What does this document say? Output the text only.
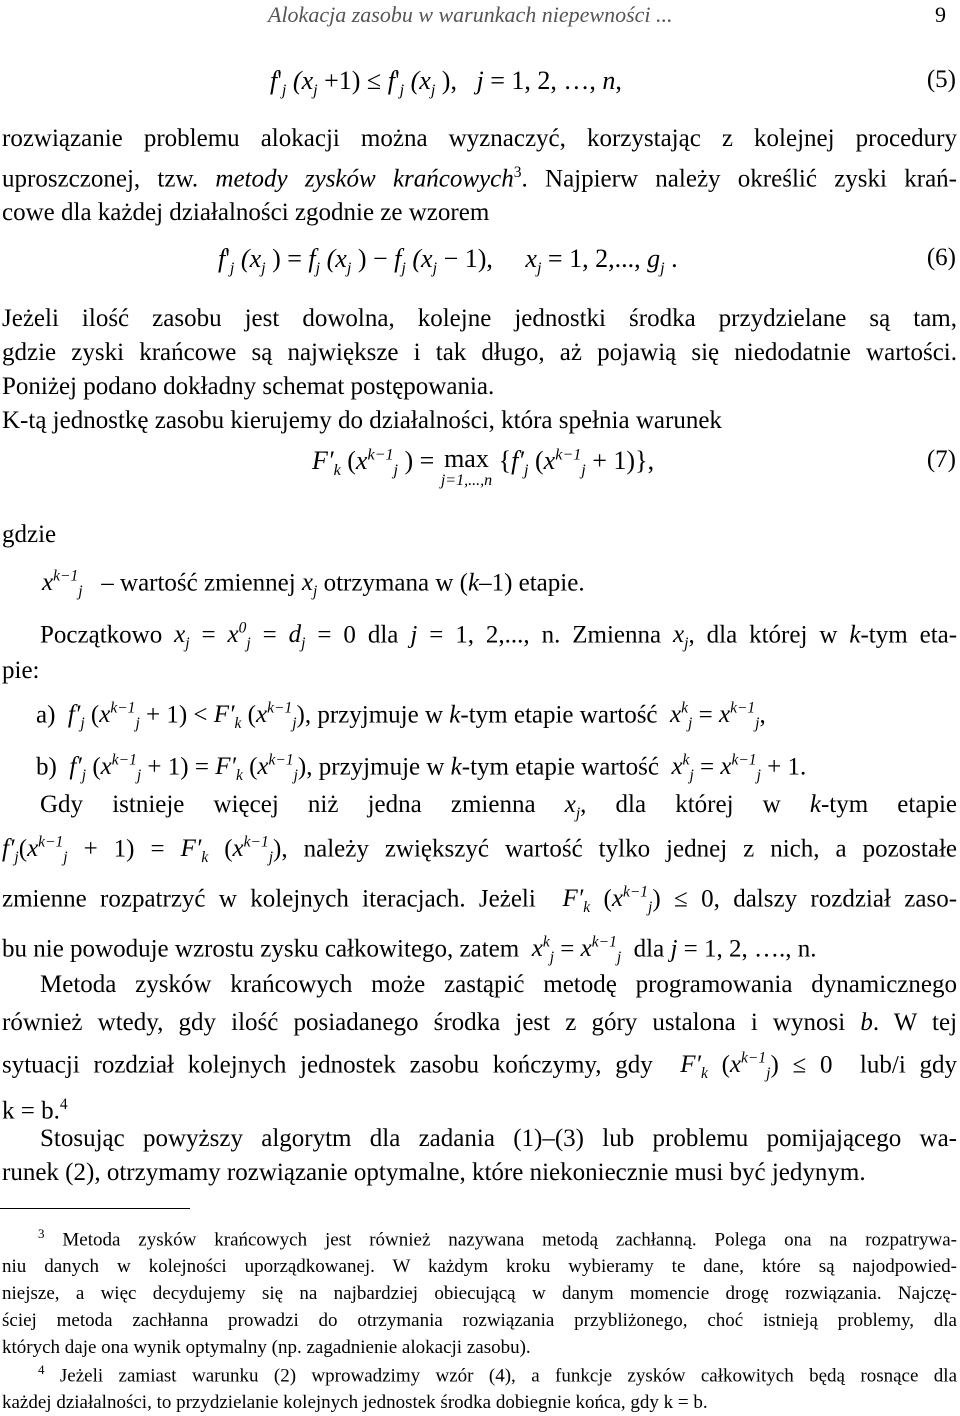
Alokacja zasobu w warunkach niepewności ...	9
$f'_j$ $(x_j +1) \le f'_j$ ($x_j$ ),   j = 1, 2, …, n,	(5)
rozwiązanie problemu alokacji można wyznaczyć, korzystając z kolejnej procedury
uproszczonej, tzw. metody zysków krańcowych$^3$. Najpierw należy określić zyski krań-
cowe dla każdej działalności zgodnie ze wzorem
$f'_j$ ($x_j$ ) = $f_j$ ($x_j$ ) − $f_j$ $(x_j - 1)$,     $x_j = 1$, 2,..., $g_j$ .	(6)
Jeżeli ilość zasobu jest dowolna, kolejne jednostki środka przydzielane są tam,
gdzie zyski krańcowe są największe i tak długo, aż pojawią się niedodatnie wartości.
Poniżej podano dokładny schemat postępowania.
K-tą jednostkę zasobu kierujemy do działalności, która spełnia warunek
$F'_k$ ($x^{k-1}_j$ ) = max
j=1,...,n
{$f'_j$ $(x^{k-1}_j + 1)$},	(7)
gdzie
$x^{k-1}_j$ – wartość zmiennej $x_j$ otrzymana w (k–1) etapie.
Początkowo $x_j = x^0_j = d_j = 0$ dla j = 1, 2,..., n. Zmienna $x_j$, dla której w k-tym eta-
pie:
a) $f'_j$ $(x^{k-1}_j + 1) < F'_k$ $(x^{k-1}_j)$, przyjmuje w k-tym etapie wartość $x^k_j = x^{k-1}_j$,
b) $f'_j$ $(x^{k-1}_j + 1) = F'_k$ $(x^{k-1}_j)$, przyjmuje w k-tym etapie wartość $x^k_j = x^{k-1}_j + 1$.
Gdy istnieje więcej niż jedna zmienna $x_j$, dla której w k-tym etapie
$f'_j(x^{k-1}_j + 1) = F'_k$ $(x^{k-1}_j)$, należy zwiększyć wartość tylko jednej z nich, a pozostałe
zmienne rozpatrzyć w kolejnych iteracjach. Jeżeli $F'_k$ $(x^{k-1}_j) \le 0$, dalszy rozdział zaso-
bu nie powoduje wzrostu zysku całkowitego, zatem $x^k_j = x^{k-1}_j$ dla j = 1, 2, …., n.
Metoda zysków krańcowych może zastąpić metodę programowania dynamicznego
również wtedy, gdy ilość posiadanego środka jest z góry ustalona i wynosi b. W tej
sytuacji rozdział kolejnych jednostek zasobu kończymy, gdy $F'_k$ $(x^{k-1}_j) \le 0$  lub/i gdy
k = b.$^4$
Stosując powyższy algorytm dla zadania (1)–(3) lub problemu pomijającego wa-
runek (2), otrzymamy rozwiązanie optymalne, które niekoniecznie musi być jedynym.
$^3$ Metoda zysków krańcowych jest również nazywana metodą zachłanną. Polega ona na rozpatrywa-
niu danych w kolejności uporządkowanej. W każdym kroku wybieramy te dane, które są najodpowied-
niejsze, a więc decydujemy się na najbardziej obiecującą w danym momencie drogę rozwiązania. Najczę-
ściej metoda zachłanna prowadzi do otrzymania rozwiązania przybliżonego, choć istnieją problemy, dla
których daje ona wynik optymalny (np. zagadnienie alokacji zasobu).
$^4$ Jeżeli zamiast warunku (2) wprowadzimy wzór (4), a funkcje zysków całkowitych będą rosnące dla
każdej działalności, to przydzielanie kolejnych jednostek środka dobiegnie końca, gdy k = b.
